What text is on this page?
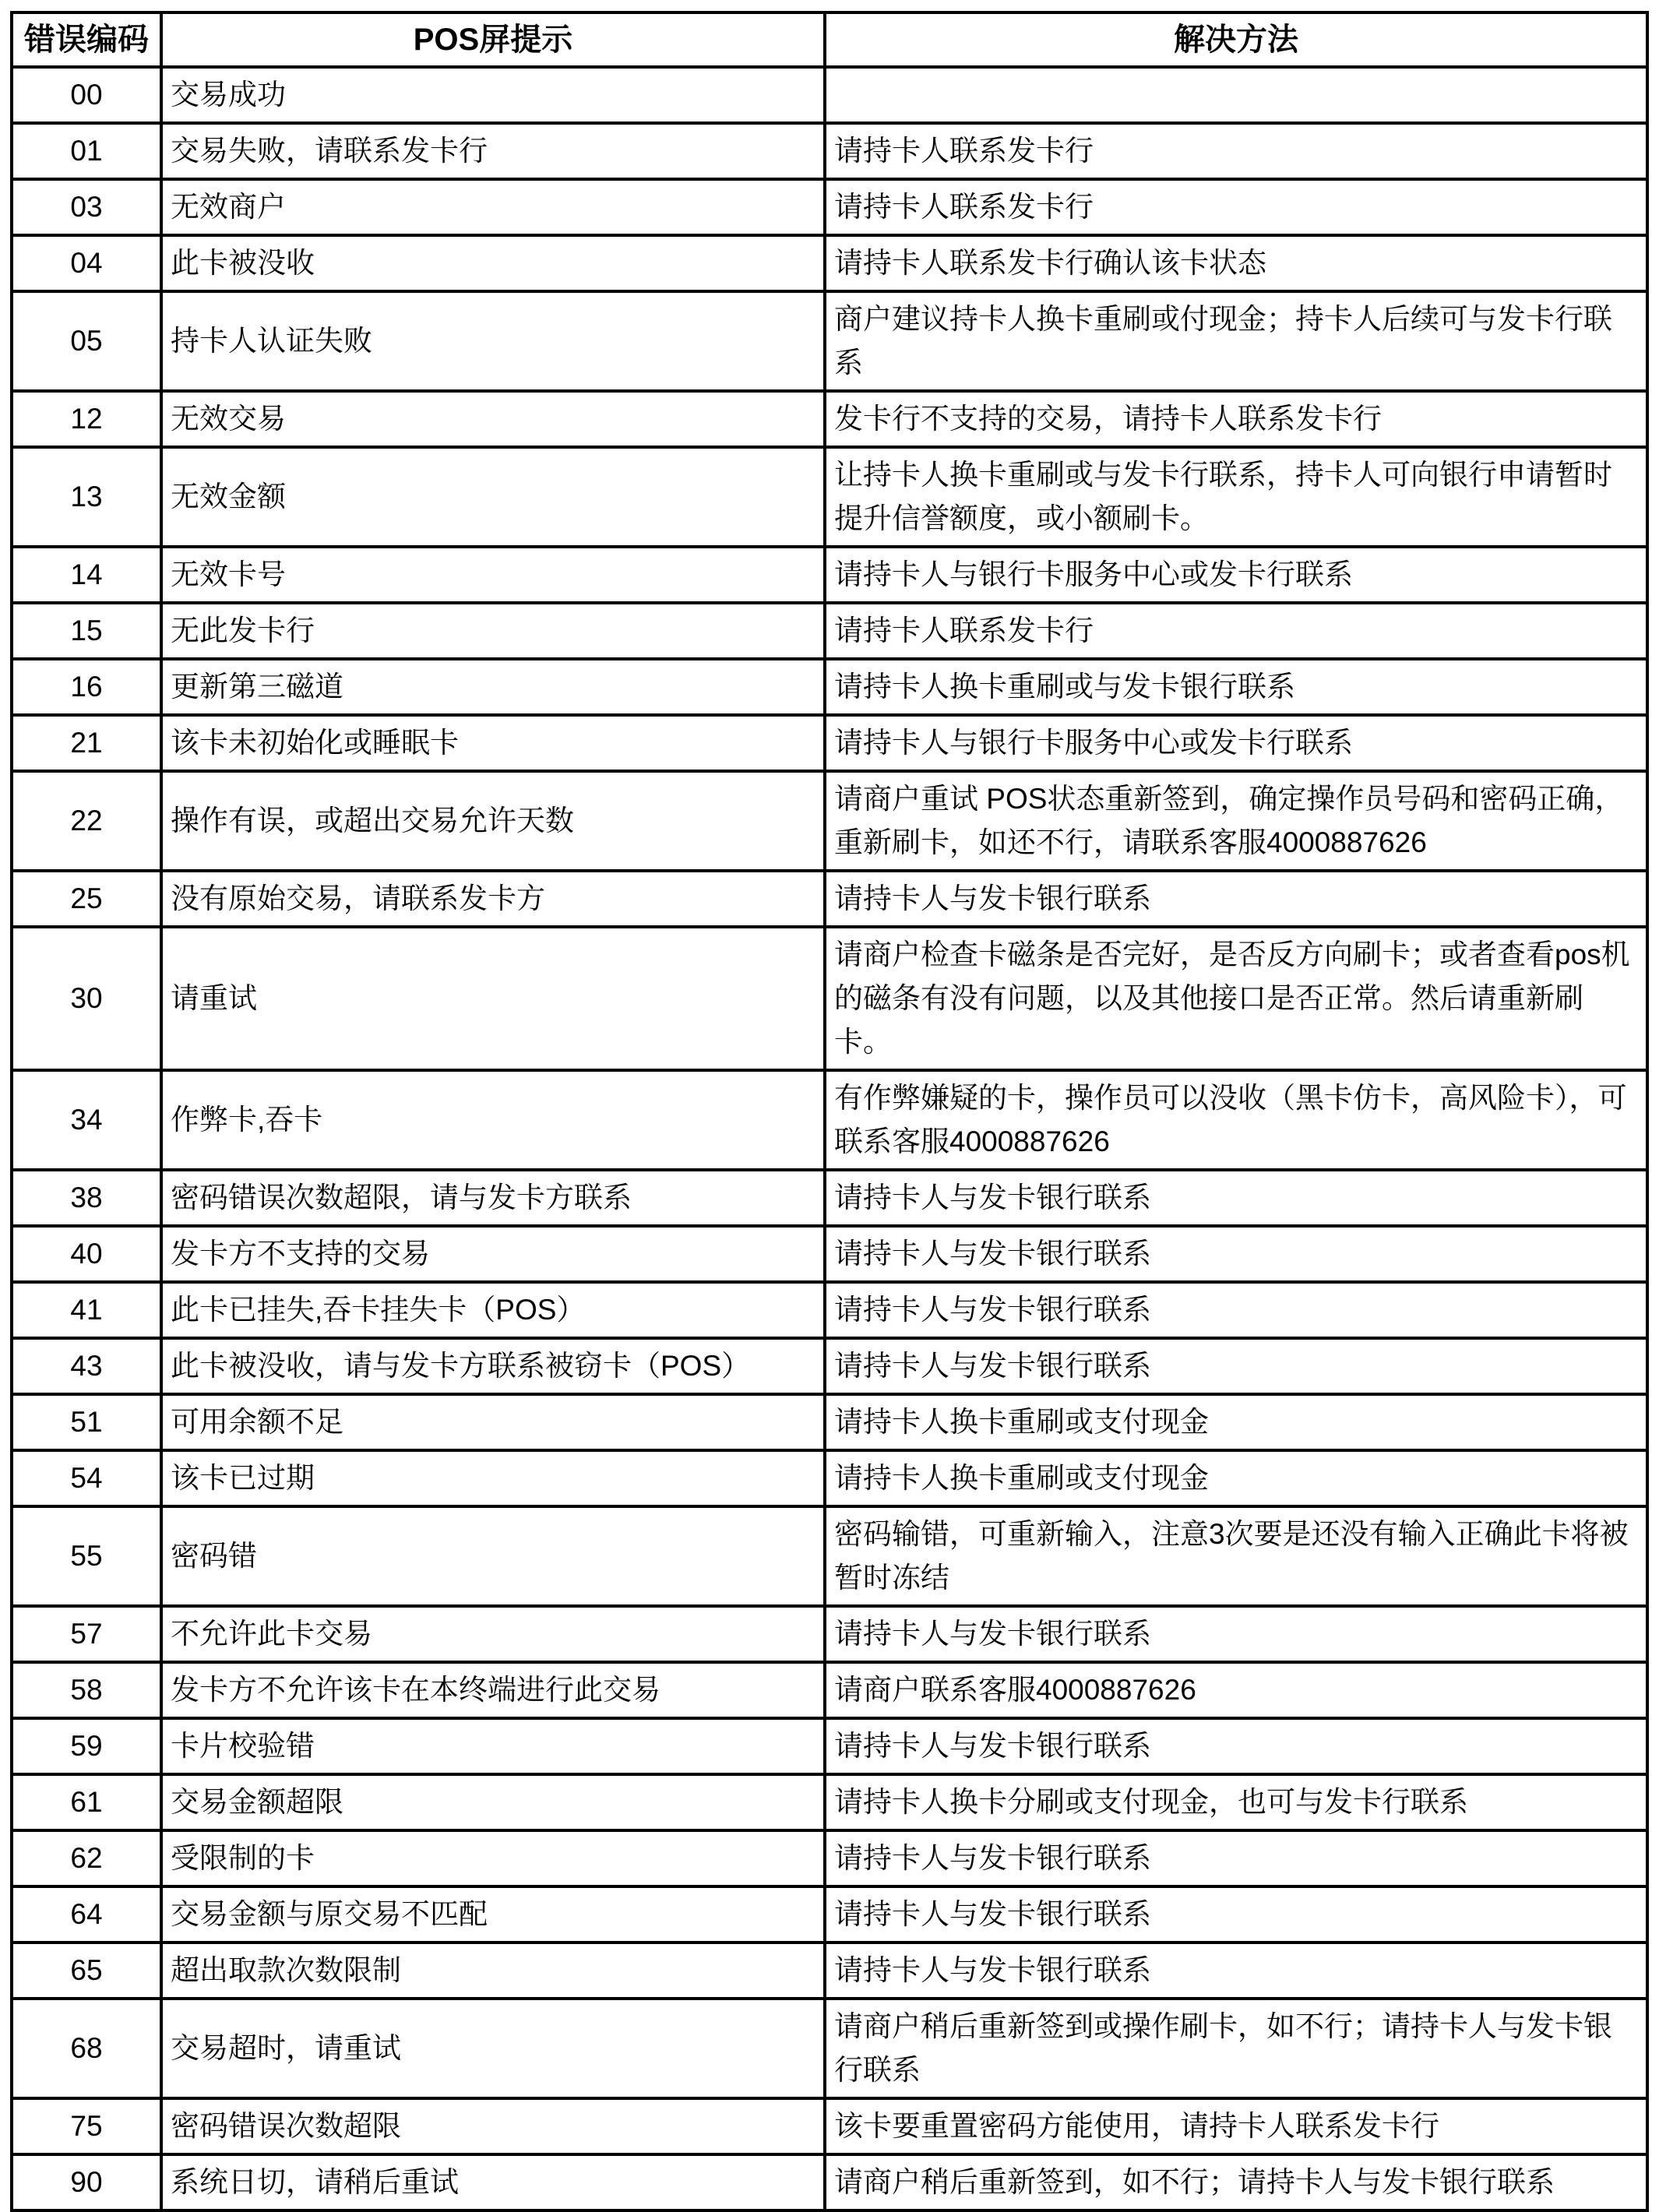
错误编码	POS屏提示	解决方法
00	交易成功	
01	交易失败，请联系发卡行	请持卡人联系发卡行
03	无效商户	请持卡人联系发卡行
04	此卡被没收	请持卡人联系发卡行确认该卡状态
05	持卡人认证失败	商户建议持卡人换卡重刷或付现金；持卡人后续可与发卡行联系
12	无效交易	发卡行不支持的交易，请持卡人联系发卡行
13	无效金额	让持卡人换卡重刷或与发卡行联系，持卡人可向银行申请暂时提升信誉额度，或小额刷卡。
14	无效卡号	请持卡人与银行卡服务中心或发卡行联系
15	无此发卡行	请持卡人联系发卡行
16	更新第三磁道	请持卡人换卡重刷或与发卡银行联系
21	该卡未初始化或睡眠卡	请持卡人与银行卡服务中心或发卡行联系
22	操作有误，或超出交易允许天数	请商户重试 POS状态重新签到，确定操作员号码和密码正确，重新刷卡，如还不行，请联系客服4000887626
25	没有原始交易，请联系发卡方	请持卡人与发卡银行联系
30	请重试	请商户检查卡磁条是否完好，是否反方向刷卡；或者查看pos机的磁条有没有问题，以及其他接口是否正常。然后请重新刷卡。
34	作弊卡,吞卡	有作弊嫌疑的卡，操作员可以没收（黑卡仿卡，高风险卡），可联系客服4000887626
38	密码错误次数超限，请与发卡方联系	请持卡人与发卡银行联系
40	发卡方不支持的交易	请持卡人与发卡银行联系
41	此卡已挂失,吞卡挂失卡（POS）	请持卡人与发卡银行联系
43	此卡被没收，请与发卡方联系被窃卡（POS）	请持卡人与发卡银行联系
51	可用余额不足	请持卡人换卡重刷或支付现金
54	该卡已过期	请持卡人换卡重刷或支付现金
55	密码错	密码输错，可重新输入，注意3次要是还没有输入正确此卡将被暂时冻结
57	不允许此卡交易	请持卡人与发卡银行联系
58	发卡方不允许该卡在本终端进行此交易	请商户联系客服4000887626
59	卡片校验错	请持卡人与发卡银行联系
61	交易金额超限	请持卡人换卡分刷或支付现金，也可与发卡行联系
62	受限制的卡	请持卡人与发卡银行联系
64	交易金额与原交易不匹配	请持卡人与发卡银行联系
65	超出取款次数限制	请持卡人与发卡银行联系
68	交易超时，请重试	请商户稍后重新签到或操作刷卡，如不行；请持卡人与发卡银行联系
75	密码错误次数超限	该卡要重置密码方能使用，请持卡人联系发卡行
90	系统日切，请稍后重试	请商户稍后重新签到，如不行；请持卡人与发卡银行联系
